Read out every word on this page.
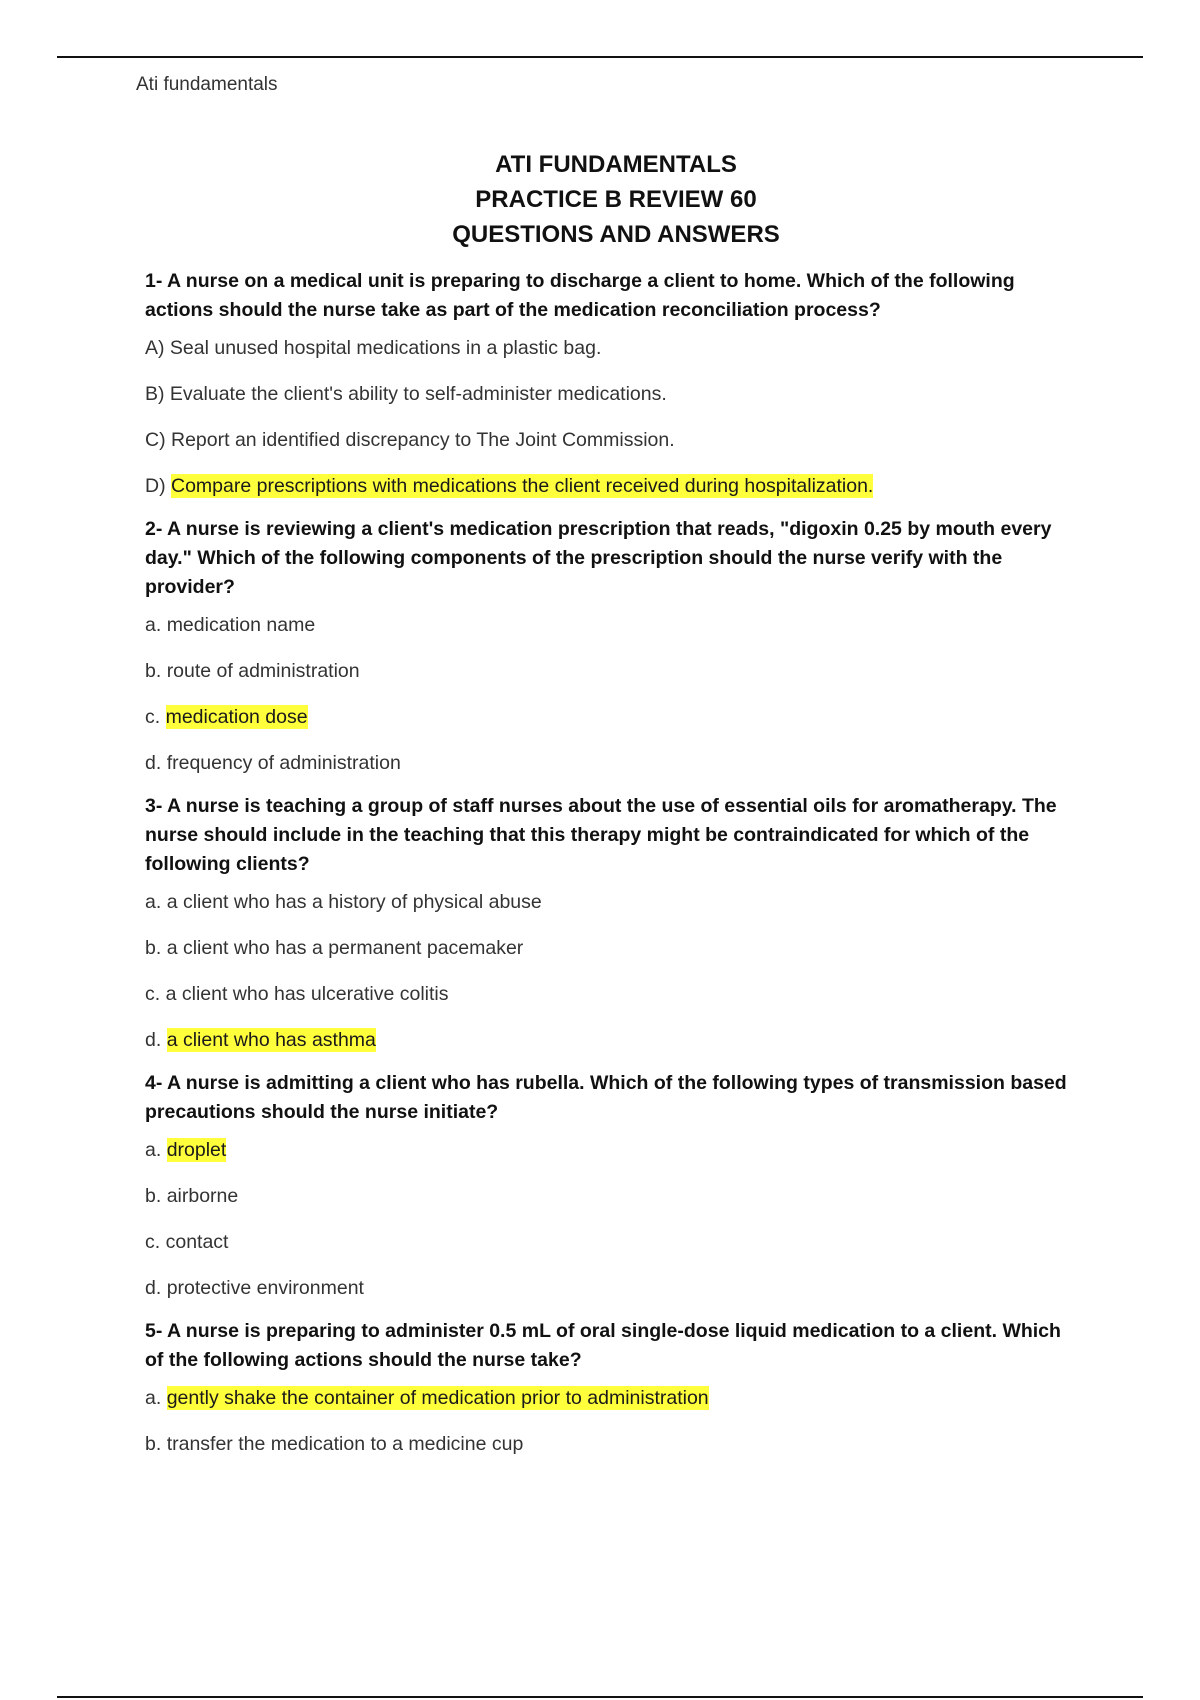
Ati fundamentals
ATI FUNDAMENTALS
PRACTICE B REVIEW 60
QUESTIONS AND ANSWERS

1- A nurse on a medical unit is preparing to discharge a client to home. Which of the following actions should the nurse take as part of the medication reconciliation process?

A) Seal unused hospital medications in a plastic bag.
B) Evaluate the client's ability to self-administer medications.
C) Report an identified discrepancy to The Joint Commission.
D) Compare prescriptions with medications the client received during hospitalization.

2- A nurse is reviewing a client's medication prescription that reads, "digoxin 0.25 by mouth every day." Which of the following components of the prescription should the nurse verify with the provider?

a. medication name
b. route of administration
c. medication dose
d. frequency of administration

3- A nurse is teaching a group of staff nurses about the use of essential oils for aromatherapy. The nurse should include in the teaching that this therapy might be contraindicated for which of the following clients?

a. a client who has a history of physical abuse
b. a client who has a permanent pacemaker
c. a client who has ulcerative colitis
d. a client who has asthma

4- A nurse is admitting a client who has rubella. Which of the following types of transmission based precautions should the nurse initiate?

a. droplet
b. airborne
c. contact
d. protective environment

5- A nurse is preparing to administer 0.5 mL of oral single-dose liquid medication to a client. Which of the following actions should the nurse take?

a. gently shake the container of medication prior to administration
b. transfer the medication to a medicine cup
